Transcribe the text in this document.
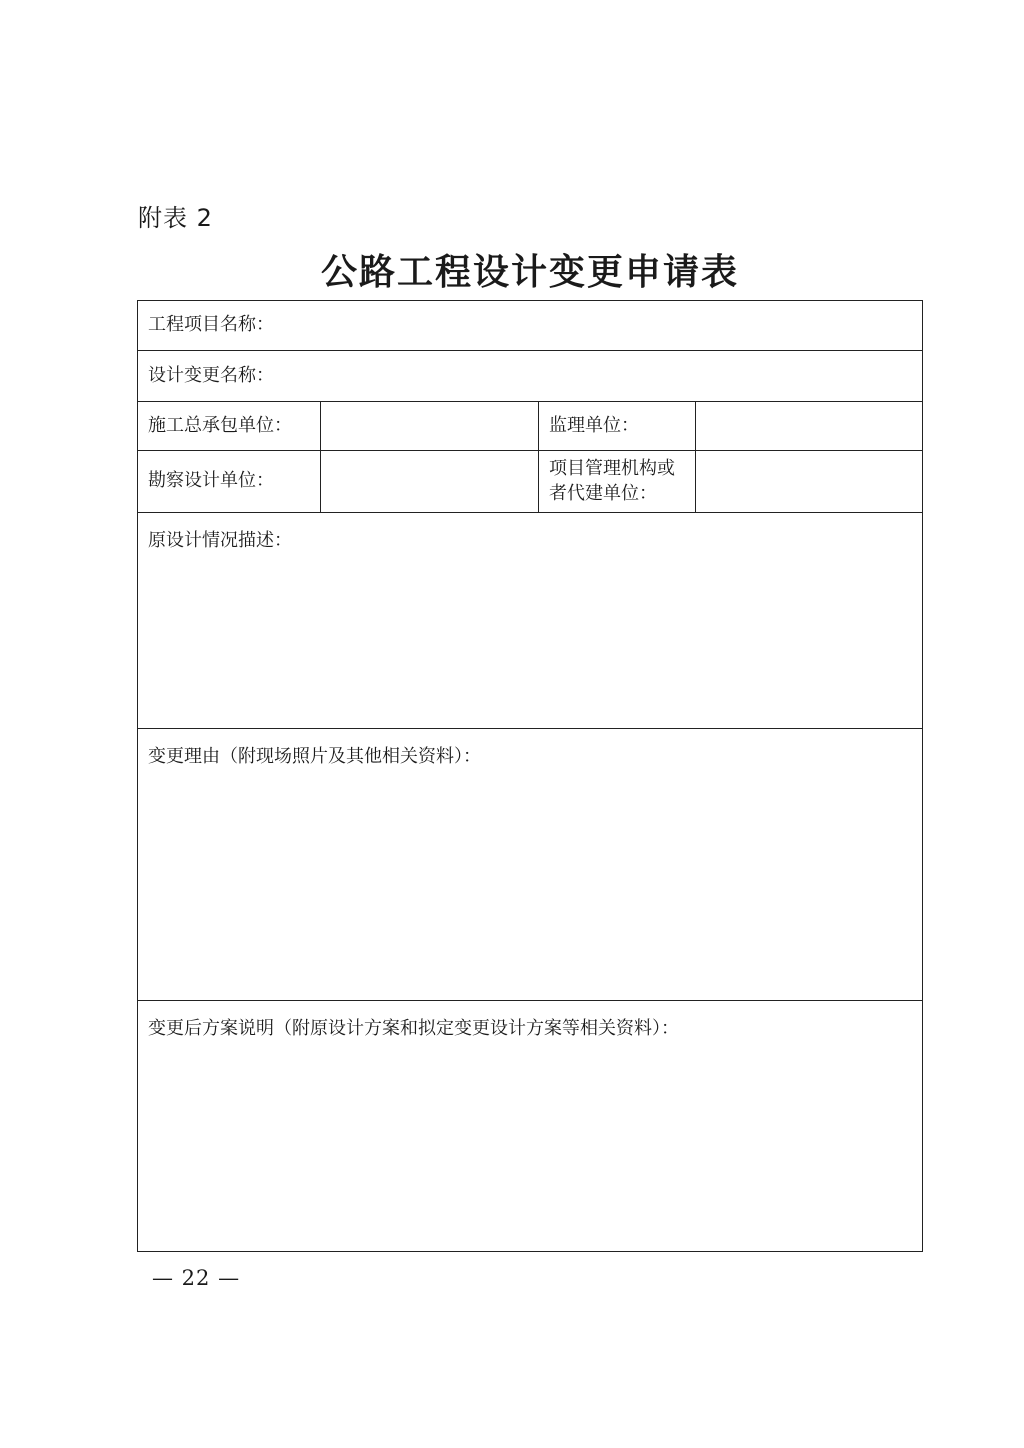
附表 2
公路工程设计变更申请表
工程项目名称：			
设计变更名称：			
施工总承包单位：		监理单位：	
勘察设计单位：		项目管理机构或者代建单位：	
原设计情况描述：			
变更理由（附现场照片及其他相关资料）：			
变更后方案说明（附原设计方案和拟定变更设计方案等相关资料）：			
— 22 —
